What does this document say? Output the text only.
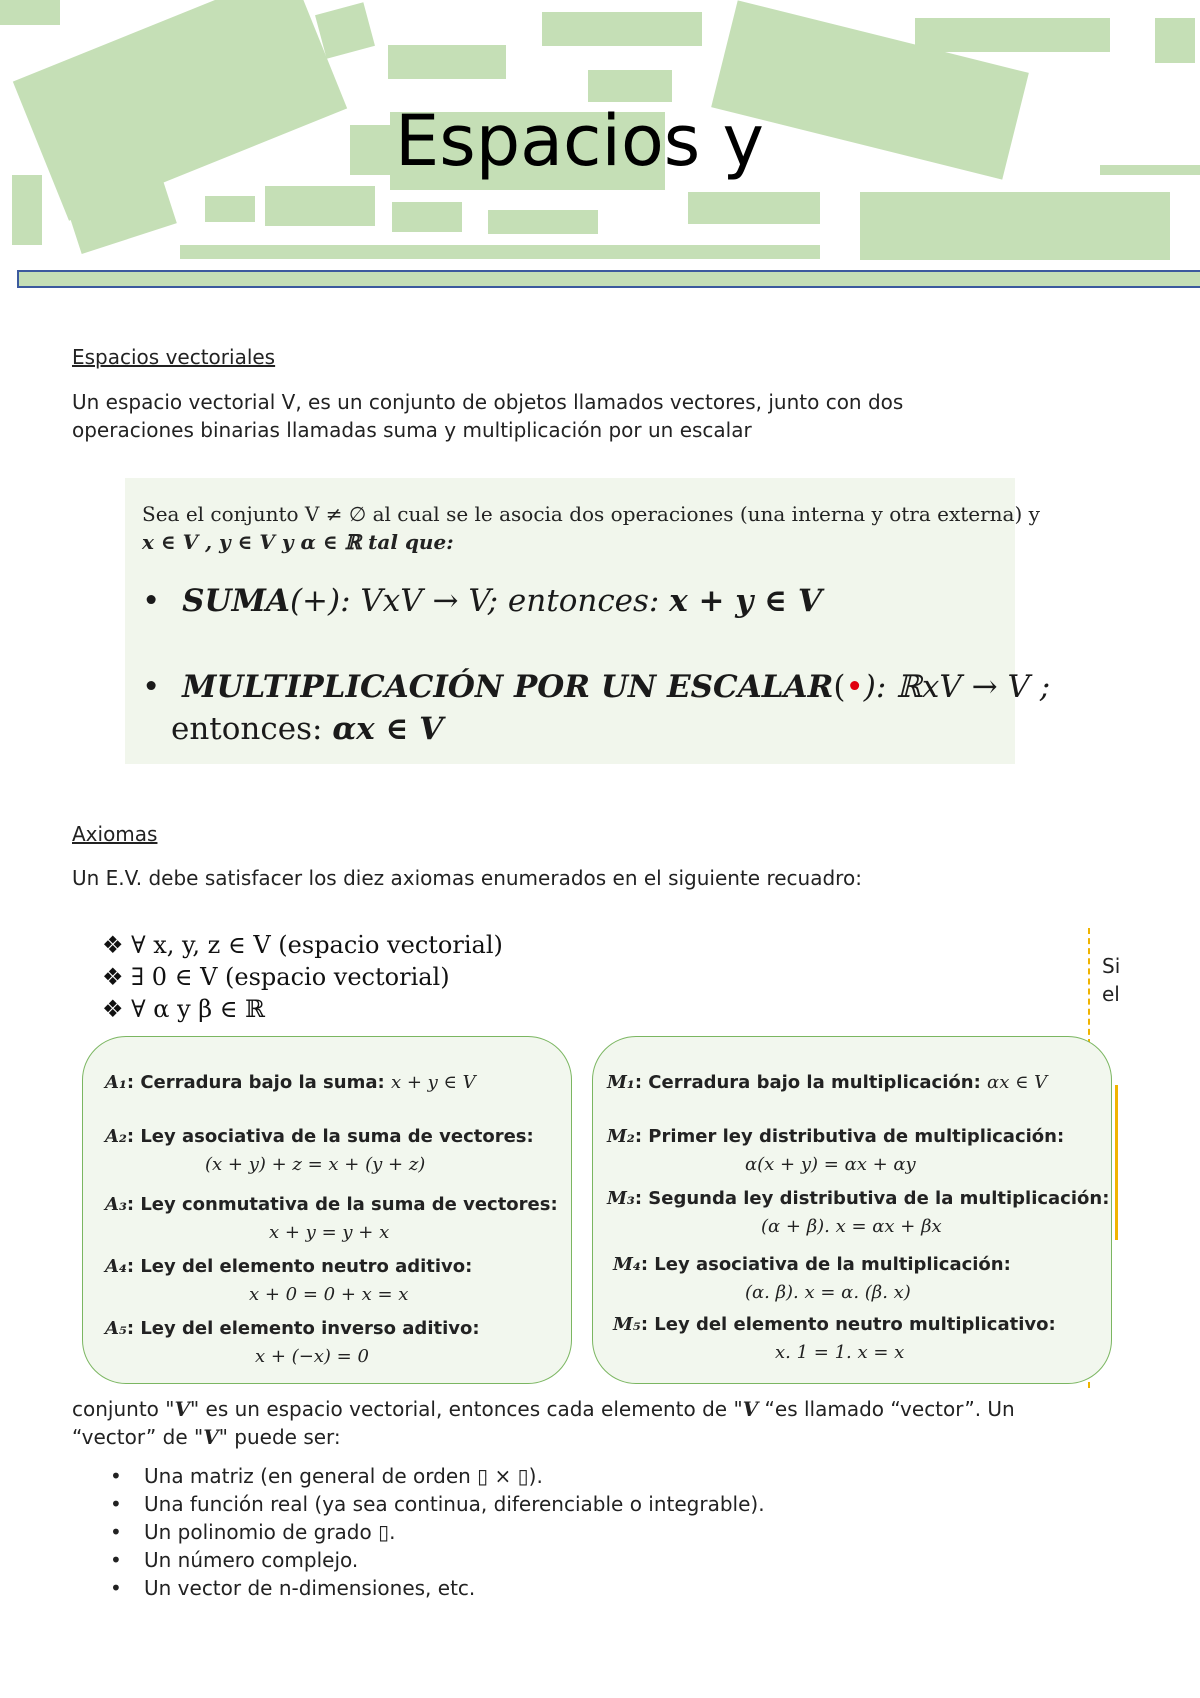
Espacios y
Espacios vectoriales
Un espacio vectorial V, es un conjunto de objetos llamados vectores, junto con dos
operaciones binarias llamadas suma y multiplicación por un escalar
Sea el conjunto V ≠ ∅ al cual se le asocia dos operaciones (una interna y otra externa) y
x ∈ V , y ∈ V y α ∈ ℝ tal que:
• SUMA(+): VxV → V; entonces: x + y ∈ V
• MULTIPLICACIÓN POR UN ESCALAR(•): ℝxV → V ;
entonces: αx ∈ V
Axiomas
Un E.V. debe satisfacer los diez axiomas enumerados en el siguiente recuadro:
❖ ∀ x, y, z ∈ V (espacio vectorial)
❖ ∃ 0 ∈ V (espacio vectorial)
❖ ∀ α y β ∈ ℝ
Si
el
A₁: Cerradura bajo la suma: x + y ∈ V
A₂: Ley asociativa de la suma de vectores:
(x + y) + z = x + (y + z)
A₃: Ley conmutativa de la suma de vectores:
x + y = y + x
A₄: Ley del elemento neutro aditivo:
x + 0 = 0 + x = x
A₅: Ley del elemento inverso aditivo:
x + (−x) = 0
M₁: Cerradura bajo la multiplicación: αx ∈ V
M₂: Primer ley distributiva de multiplicación:
α(x + y) = αx + αy
M₃: Segunda ley distributiva de la multiplicación:
(α + β). x = αx + βx
M₄: Ley asociativa de la multiplicación:
(α. β). x = α. (β. x)
M₅: Ley del elemento neutro multiplicativo:
x. 1 = 1. x = x
conjunto "V" es un espacio vectorial, entonces cada elemento de "V “es llamado “vector”. Un
“vector” de "V" puede ser:
• Una matriz (en general de orden ▯ × ▯).
• Una función real (ya sea continua, diferenciable o integrable).
• Un polinomio de grado ▯.
• Un número complejo.
• Un vector de n-dimensiones, etc.
